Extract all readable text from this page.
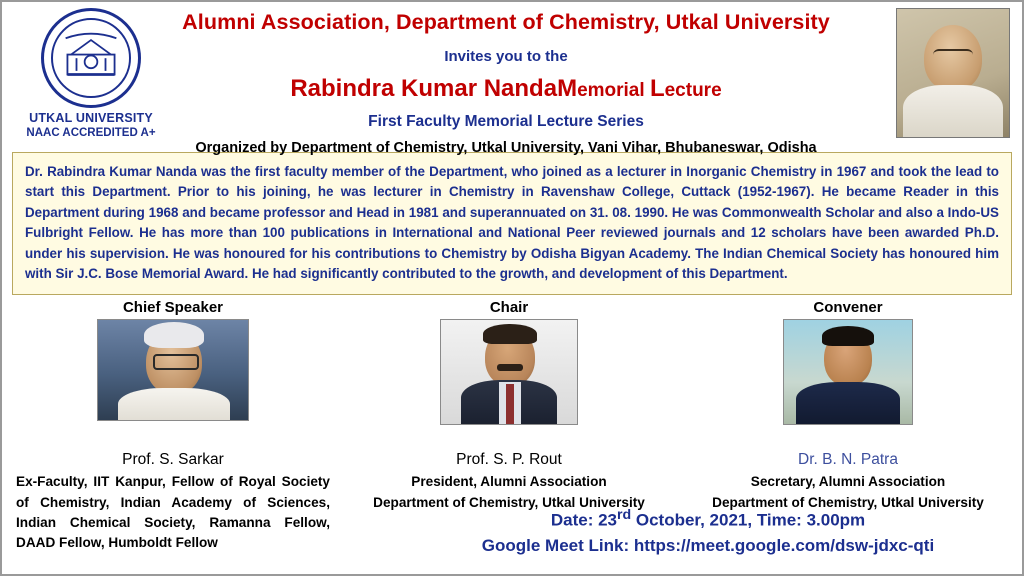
UTKAL UNIVERSITY
NAAC ACCREDITED A+
Alumni Association, Department of Chemistry, Utkal University
Invites you to the
Rabindra Kumar NandaMemorial Lecture
First Faculty Memorial Lecture Series
Organized by Department of Chemistry, Utkal University, Vani Vihar, Bhubaneswar, Odisha
Dr. Rabindra Kumar Nanda was the first faculty member of the Department, who joined as a lecturer in Inorganic Chemistry in 1967 and took the lead to start this Department. Prior to his joining, he was lecturer in Chemistry in Ravenshaw College, Cuttack (1952-1967). He became Reader in this Department during 1968 and became professor and Head in 1981 and superannuated on 31. 08. 1990. He was Commonwealth Scholar and also a Indo-US Fulbright Fellow. He has more than 100 publications in International and National Peer reviewed journals and 12 scholars have been awarded Ph.D. under his supervision. He was honoured for his contributions to Chemistry by Odisha Bigyan Academy. The Indian Chemical Society has honoured him with Sir J.C. Bose Memorial Award. He had significantly contributed to the growth, and development of this Department.
Chief Speaker	Chair	Convener
Prof. S. Sarkar
Ex-Faculty, IIT Kanpur, Fellow of Royal Society of Chemistry, Indian Academy of Sciences, Indian Chemical Society, Ramanna Fellow, DAAD Fellow, Humboldt Fellow
Prof. S. P. Rout
President, Alumni Association
Department of Chemistry, Utkal University
Dr. B. N. Patra
Secretary, Alumni Association
Department of Chemistry, Utkal University
Date: 23rd October, 2021, Time: 3.00pm
Google Meet Link: https://meet.google.com/dsw-jdxc-qti
